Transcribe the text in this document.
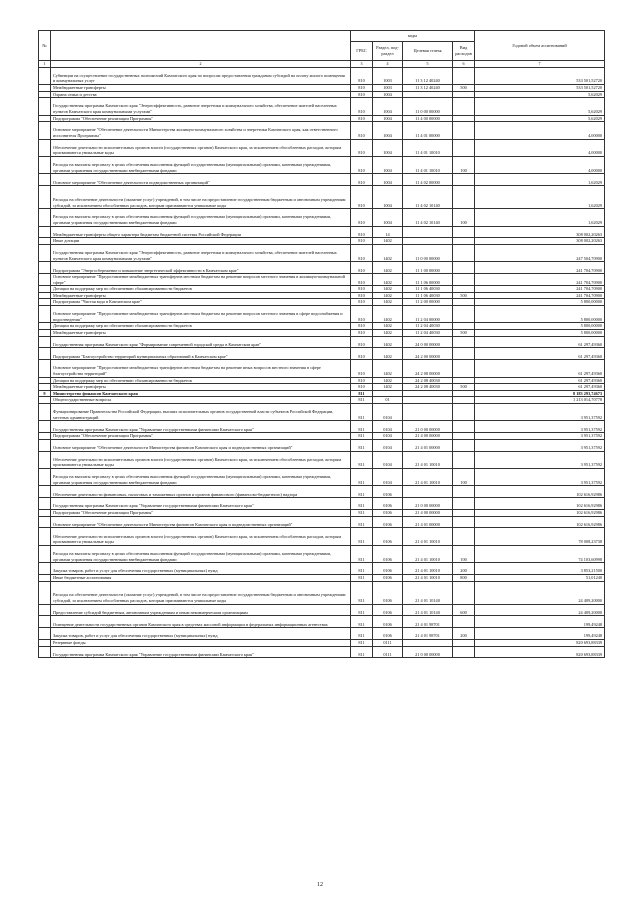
№		коды				Годовой объем ассигнований
		ГРБС	Раздел, под-раздел	Целевая статья	Вид расходов	
1	2	3	4	5	6	7
	Субвенции на осуществление государственных полномочий Камчатского края по вопросам предоставления гражданам субсидий на оплату жилого помещения и коммунальных услуг	810	1003	11 3 12 40240		533 501,52720
	Межбюджетные трансферты	810	1003	11 3 12 40240	500	533 501,52720
	Охрана семьи и детства	810	1004			5,62029
	Государственная программа Камчатского края "Энергоэффективность, развитие энергетики и коммунального хозяйства, обеспечение жителей населенных пунктов Камчатского края коммунальными услугами"	810	1004	11 0 00 00000		5,62029
	Подпрограмма "Обеспечение реализации Программы"	810	1004	11 4 00 00000		5,62029
	Основное мероприятие "Обеспечение деятельности Министерства жилищно-коммунального хозяйства и энергетики Камчатского края, как ответственного исполнителя Программы"	810	1004	11 4 01 00000		4,00000
	Обеспечение деятельности исполнительных органов власти (государственных органов) Камчатского края, за исключением обособленных расходов, которым присваиваются уникальные коды	810	1004	11 4 01 10010		4,00000
	Расходы на выплаты персоналу в целях обеспечения выполнения функций государственными (муниципальными) органами, казенными учреждениями, органами управления государственными внебюджетными фондами	810	1004	11 4 01 10010	100	4,00000
	Основное мероприятие "Обеспечение деятельности подведомственных организаций"	810	1004	11 4 02 00000		1,62029
	Расходы на обеспечение деятельности (оказание услуг) учреждений, в том числе на предоставление государственным бюджетным и автономным учреждениям субсидий, за исключением обособленных расходов, которым присваиваются уникальные коды	810	1004	11 4 02 10140		1,62029
	Расходы на выплаты персоналу в целях обеспечения выполнения функций государственными (муниципальными) органами, казенными учреждениями, органами управления государственными внебюджетными фондами	810	1004	11 4 02 10140	100	1,62029
	Межбюджетные трансферты общего характера бюджетам бюджетной системы Российской Федерации	810	14			308 002,20263
	Иные дотации	810	1402			308 002,20263
	Государственная программа Камчатского края "Энергоэффективность, развитие энергетики и коммунального хозяйства, обеспечение жителей населенных пунктов Камчатского края коммунальными услугами"	810	1402	11 0 00 00000		247 504,70900
	Подпрограмма "Энергосбережение и повышение энергетической эффективности в Камчатском крае"	810	1402	11 1 00 00000		241 704,70900
	Основное мероприятие "Предоставление межбюджетных трансфертов местным бюджетам на решение вопросов местного значения в жилищно-коммунальной сфере"	810	1402	11 1 06 00000		241 704,70900
	Дотации на поддержку мер по обеспечению сбалансированности бюджетов	810	1402	11 1 06 40030		241 704,70900
	Межбюджетные трансферты	810	1402	11 1 06 40030	500	241 704,70900
	Подпрограмма "Чистая вода в Камчатском крае"	810	1402	11 2 00 00000		5 800,00000
	Основное мероприятие "Предоставление межбюджетных трансфертов местным бюджетам на решение вопросов местного значения в сфере водоснабжения и водоотведения"	810	1402	11 2 04 00000		5 800,00000
	Дотации на поддержку мер по обеспечению сбалансированности бюджетов	810	1402	11 2 04 40030		5 800,00000
	Межбюджетные трансферты	810	1402	11 2 04 40030	500	5 800,00000
	Государственная программа Камчатского края "Формирование современной городской среды в Камчатском крае"	810	1402	24 0 00 00000		61 297,49360
	Подпрограмма "Благоустройство территорий муниципальных образований в Камчатском крае"	810	1402	24 2 00 00000		61 297,49360
	Основное мероприятие "Предоставление межбюджетных трансфертов местным бюджетам на решение иных вопросов местного значения в сфере благоустройства территорий"	810	1402	24 2 08 00000		61 297,49360
	Дотации на поддержку мер по обеспечению сбалансированности бюджетов	810	1402	24 2 08 40030		61 297,49360
	Межбюджетные трансферты	810	1402	24 2 08 40030	500	61 297,49360
9	Министерство финансов Камчатского края	811				8 183 293,74673
	Общегосударственные вопросы	811	01			1 213 014,70778
	Функционирование Правительства Российской Федерации, высших исполнительных органов государственной власти субъектов Российской Федерации, местных администраций	811	0104			3 951,37592
	Государственная программа Камчатского края "Управление государственными финансами Камчатского края"	811	0104	21 0 00 00000		3 951,37592
	Подпрограмма "Обеспечение реализации Программы"	811	0104	21 4 00 00000		3 951,37592
	Основное мероприятие "Обеспечение деятельности Министерства финансов Камчатского края и подведомственных организаций"	811	0104	21 4 01 00000		3 951,37592
	Обеспечение деятельности исполнительных органов власти (государственных органов) Камчатского края, за исключением обособленных расходов, которым присваиваются уникальные коды	811	0104	21 4 01 10010		3 951,37592
	Расходы на выплаты персоналу в целях обеспечения выполнения функций государственными (муниципальными) органами, казенными учреждениями, органами управления государственными внебюджетными фондами	811	0104	21 4 01 10010	100	3 951,37592
	Обеспечение деятельности финансовых, налоговых и таможенных органов и органов финансового (финансово-бюджетного) надзора	811	0106			102 616,92986
	Государственная программа Камчатского края "Управление государственными финансами Камчатского края"	811	0106	21 0 00 00000		102 616,92986
	Подпрограмма "Обеспечение реализации Программы"	811	0106	21 4 00 00000		102 616,92986
	Основное мероприятие "Обеспечение деятельности Министерства финансов Камчатского края и подведомственных организаций"	811	0106	21 4 01 00000		102 616,92986
	Обеспечение деятельности исполнительных органов власти (государственных органов) Камчатского края, за исключением обособленных расходов, которым присваиваются уникальные коды	811	0106	21 4 01 10010		78 008,23738
	Расходы на выплаты персоналу в целях обеспечения выполнения функций государственными (муниципальными) органами, казенными учреждениями, органами управления государственными внебюджетными фондами	811	0106	21 4 01 10010	100	74 103,60998
	Закупка товаров, работ и услуг для обеспечения государственных (муниципальных) нужд	811	0106	21 4 01 10010	200	3 853,21500
	Иные бюджетные ассигнования	811	0106	21 4 01 10010	800	51,01240
	Расходы на обеспечение деятельности (оказание услуг) учреждений, в том числе на предоставление государственным бюджетным и автономным учреждениям субсидий, за исключением обособленных расходов, которым присваиваются уникальные коды	811	0106	21 4 01 10140		24 409,20000
	Предоставление субсидий бюджетным, автономным учреждениям и иным некоммерческим организациям	811	0106	21 4 01 10140	600	24 409,20000
	Освещение деятельности государственных органов Камчатского края в средствах массовой информации и федеральных информационных агентствах	811	0106	21 4 01 98701		199,49248
	Закупка товаров, работ и услуг для обеспечения государственных (муниципальных) нужд	811	0106	21 4 01 98701	200	199,49248
	Резервные фонды	811	0111			820 693,88339
	Государственная программа Камчатского края "Управление государственными финансами Камчатского края"	811	0111	21 0 00 00000		820 693,88339
12
